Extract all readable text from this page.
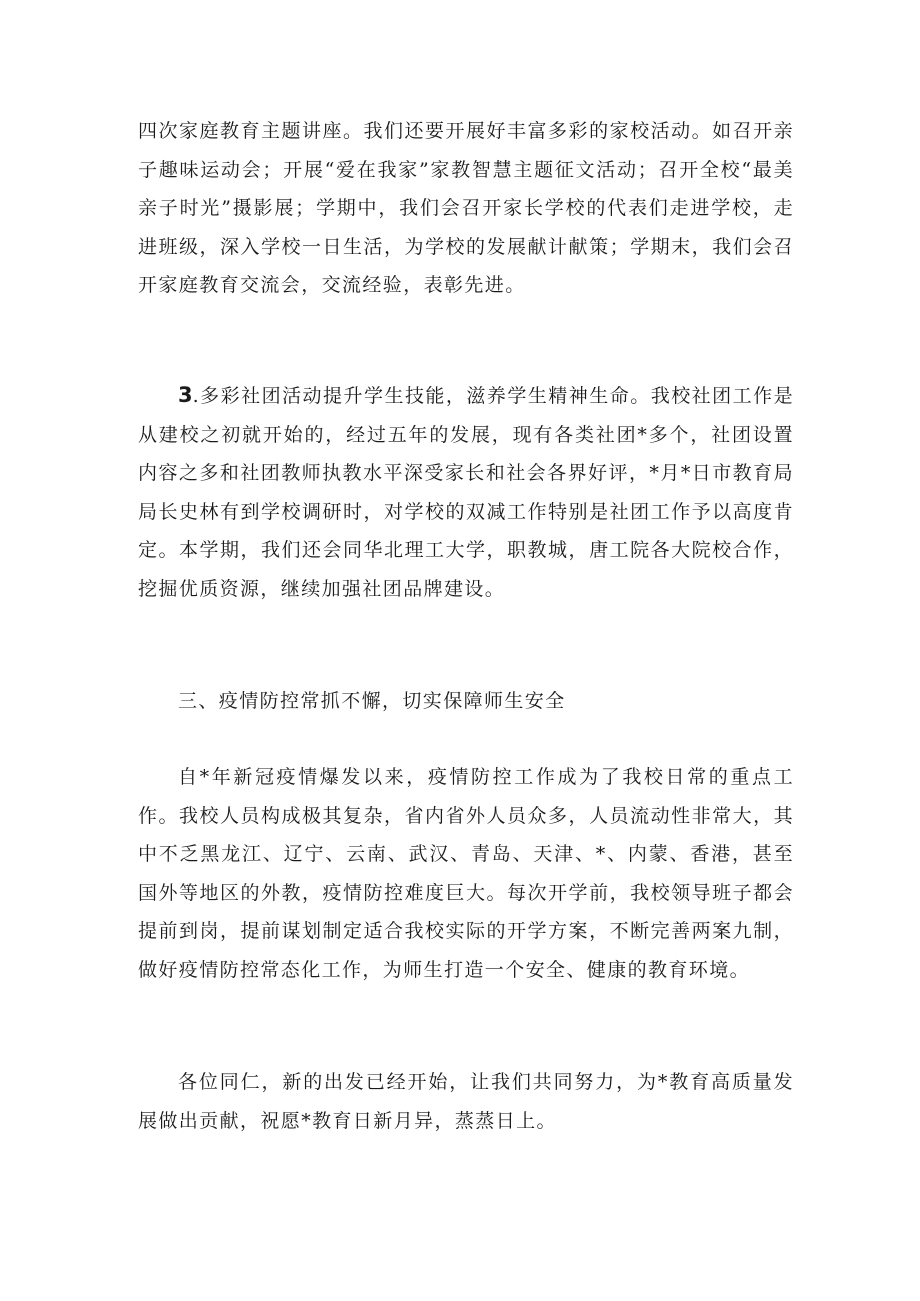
四次家庭教育主题讲座。我们还要开展好丰富多彩的家校活动。如召开亲子趣味运动会；开展“爱在我家”家教智慧主题征文活动；召开全校“最美亲子时光”摄影展；学期中，我们会召开家长学校的代表们走进学校，走进班级，深入学校一日生活，为学校的发展献计献策；学期末，我们会召开家庭教育交流会，交流经验，表彰先进。

3.多彩社团活动提升学生技能，滋养学生精神生命。我校社团工作是从建校之初就开始的，经过五年的发展，现有各类社团*多个，社团设置内容之多和社团教师执教水平深受家长和社会各界好评，*月*日市教育局局长史林有到学校调研时，对学校的双减工作特别是社团工作予以高度肯定。本学期，我们还会同华北理工大学，职教城，唐工院各大院校合作，挖掘优质资源，继续加强社团品牌建设。

三、疫情防控常抓不懈，切实保障师生安全

自*年新冠疫情爆发以来，疫情防控工作成为了我校日常的重点工作。我校人员构成极其复杂，省内省外人员众多，人员流动性非常大，其中不乏黑龙江、辽宁、云南、武汉、青岛、天津、*、内蒙、香港，甚至国外等地区的外教，疫情防控难度巨大。每次开学前，我校领导班子都会提前到岗，提前谋划制定适合我校实际的开学方案，不断完善两案九制，做好疫情防控常态化工作，为师生打造一个安全、健康的教育环境。

各位同仁，新的出发已经开始，让我们共同努力，为*教育高质量发展做出贡献，祝愿*教育日新月异，蒸蒸日上。
